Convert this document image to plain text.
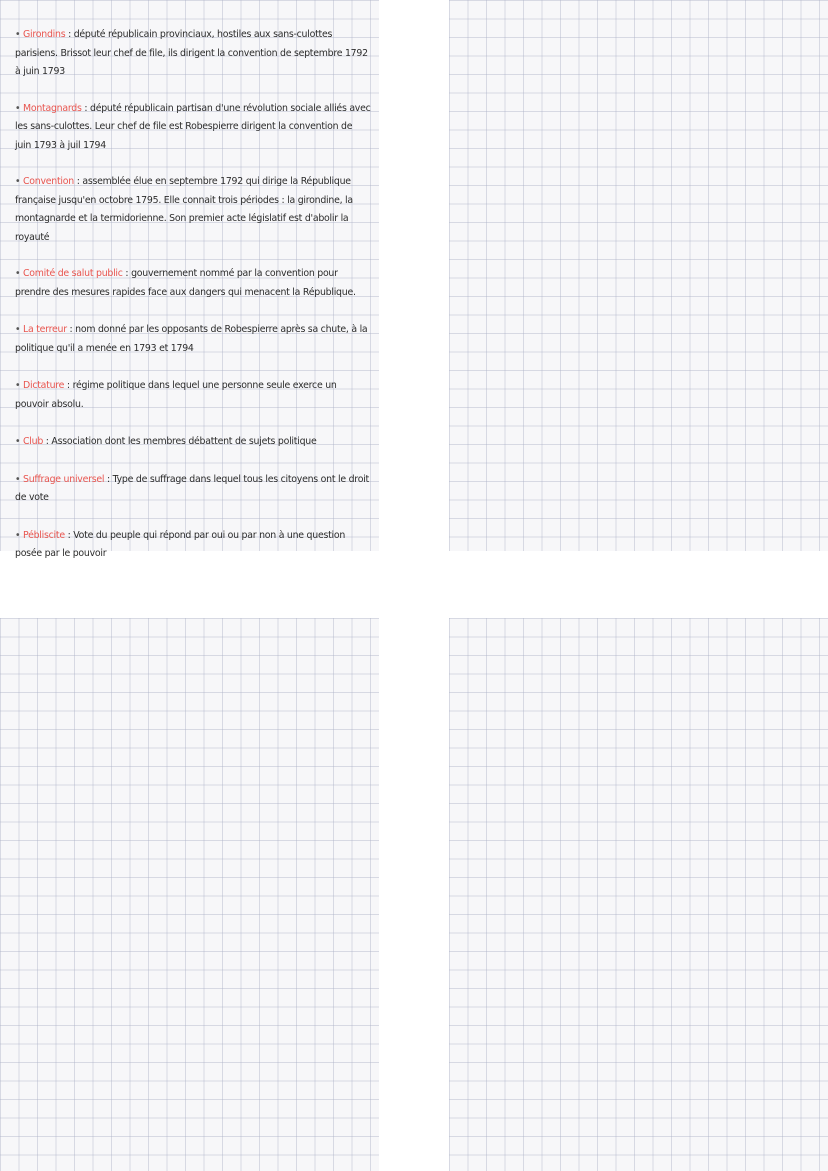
• Girondins : député républicain provinciaux, hostiles aux sans-culottes parisiens. Brissot leur chef de file, ils dirigent la convention de septembre 1792 à juin 1793
• Montagnards : député républicain partisan d'une révolution sociale alliés avec les sans-culottes. Leur chef de file est Robespierre dirigent la convention de juin 1793 à juil 1794
• Convention : assemblée élue en septembre 1792 qui dirige la République française jusqu'en octobre 1795. Elle connait trois périodes : la girondine, la montagnarde et la termidorienne. Son premier acte législatif est d'abolir la royauté
• Comité de salut public : gouvernement nommé par la convention pour prendre des mesures rapides face aux dangers qui menacent la République.
• La terreur : nom donné par les opposants de Robespierre après sa chute, à la politique qu'il a menée en 1793 et 1794
• Dictature : régime politique dans lequel une personne seule exerce un pouvoir absolu.
• Club : Association dont les membres débattent de sujets politique
• Suffrage universel : Type de suffrage dans lequel tous les citoyens ont le droit de vote
• Pébliscite : Vote du peuple qui répond par oui ou par non à une question posée par le pouvoir
